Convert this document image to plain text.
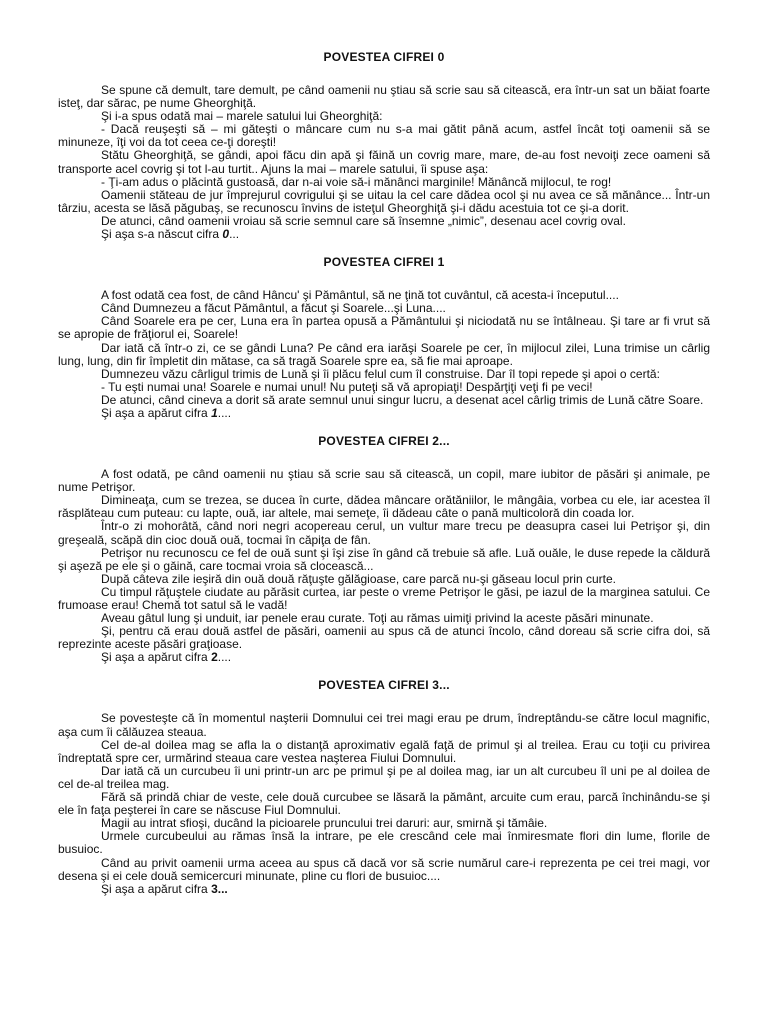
POVESTEA CIFREI 0

Se spune că demult, tare demult, pe când oamenii nu ştiau să scrie sau să citească, era într-un sat un băiat foarte isteţ, dar sărac, pe nume Gheorghiţă.

Şi i-a spus odată mai – marele satului lui Gheorghiţă:

- Dacă reuşeşti să – mi găteşti o mâncare cum nu s-a mai gătit până acum, astfel încât toţi oamenii să se minuneze, îţi voi da tot ceea ce-ţi doreşti!

Stătu Gheorghiţă, se gândi, apoi făcu din apă şi făină un covrig mare, mare, de-au fost nevoiţi zece oameni să transporte acel covrig şi tot l-au turtit.. Ajuns la mai – marele satului, îi spuse aşa:

- Ţi-am adus o plăcintă gustoasă, dar n-ai voie să-i mănânci marginile! Mănâncă mijlocul, te rog!

Oamenii stăteau de jur împrejurul covrigului şi se uitau la cel care dădea ocol şi nu avea ce să mănânce... Într-un târziu, acesta se lăsă păgubaş, se recunoscu învins de isteţul Gheorghiţă şi-i dădu acestuia tot ce şi-a dorit.

De atunci, când oamenii vroiau să scrie semnul care să însemne „nimic”, desenau acel covrig oval.

Şi aşa s-a născut cifra 0...

POVESTEA CIFREI 1

A fost odată cea fost, de când Hâncu' şi Pământul, să ne ţină tot cuvântul, că acesta-i începutul....

Când Dumnezeu a făcut Pământul, a făcut şi Soarele...şi Luna....

Când Soarele era pe cer, Luna era în partea opusă a Pământului şi niciodată nu se întâlneau. Şi tare ar fi vrut să se apropie de frăţiorul ei, Soarele!

Dar iată că într-o zi, ce se gândi Luna? Pe când era iarăşi Soarele pe cer, în mijlocul zilei, Luna trimise un cârlig lung, lung, din fir împletit din mătase, ca să tragă Soarele spre ea, să fie mai aproape.

Dumnezeu văzu cârligul trimis de Lună şi îi plăcu felul cum îl construise. Dar îl topi repede şi apoi o certă:

- Tu eşti numai una! Soarele e numai unul! Nu puteţi să vă apropiaţi! Despărţiţi veţi fi pe veci!

De atunci, când cineva a dorit să arate semnul unui singur lucru, a desenat acel cârlig trimis de Lună către Soare.

Şi aşa a apărut cifra 1....

POVESTEA CIFREI 2...

A fost odată, pe când oamenii nu ştiau să scrie sau să citească, un copil, mare iubitor de păsări şi animale, pe nume Petrişor.

Dimineaţa, cum se trezea, se ducea în curte, dădea mâncare orătăniilor, le mângâia, vorbea cu ele, iar acestea îl răsplăteau cum puteau: cu lapte, ouă, iar altele, mai semeţe, îi dădeau câte o pană multicoloră din coada lor.

Într-o zi mohorâtă, când nori negri acopereau cerul, un vultur mare trecu pe deasupra casei lui Petrişor şi, din greşeală, scăpă din cioc două ouă, tocmai în căpiţa de fân.

Petrişor nu recunoscu ce fel de ouă sunt şi îşi zise în gând că trebuie să afle. Luă ouăle, le duse repede la căldură şi aşeză pe ele şi o găină, care tocmai vroia să clocească...

După câteva zile ieşiră din ouă două răţuşte gălăgioase, care parcă nu-şi găseau locul prin curte.

Cu timpul răţuştele ciudate au părăsit curtea, iar peste o vreme Petrişor le găsi, pe iazul de la marginea satului. Ce frumoase erau! Chemă tot satul să le vadă!

Aveau gâtul lung şi unduit, iar penele erau curate. Toţi au rămas uimiţi privind la aceste păsări minunate.

Şi, pentru că erau două astfel de păsări, oamenii au spus că de atunci încolo, când doreau să scrie cifra doi, să reprezinte aceste păsări graţioase.

Şi aşa a apărut cifra 2....

POVESTEA CIFREI 3...

Se povesteşte că în momentul naşterii Domnului cei trei magi erau pe drum, îndreptându-se către locul magnific, aşa cum îi călăuzea steaua.

Cel de-al doilea mag se afla la o distanţă aproximativ egală faţă de primul şi al treilea. Erau cu toţii cu privirea îndreptată spre cer, urmărind steaua care vestea naşterea Fiului Domnului.

Dar iată că un curcubeu îi uni printr-un arc pe primul şi pe al doilea mag, iar un alt curcubeu îl uni pe al doilea de cel de-al treilea mag.

Fără să prindă chiar de veste, cele două curcubee se lăsară la pământ, arcuite cum erau, parcă închinându-se şi ele în faţa peşterei în care se născuse Fiul Domnului.

Magii au intrat sfioşi, ducând la picioarele pruncului trei daruri: aur, smirnă şi tămâie.

Urmele curcubeului au rămas însă la intrare, pe ele crescând cele mai înmiresmate flori din lume, florile de busuioc.

Când au privit oamenii urma aceea au spus că dacă vor să scrie numărul care-i reprezenta pe cei trei magi, vor desena şi ei cele două semicercuri minunate, pline cu flori de busuioc....

Şi aşa a apărut cifra 3...
